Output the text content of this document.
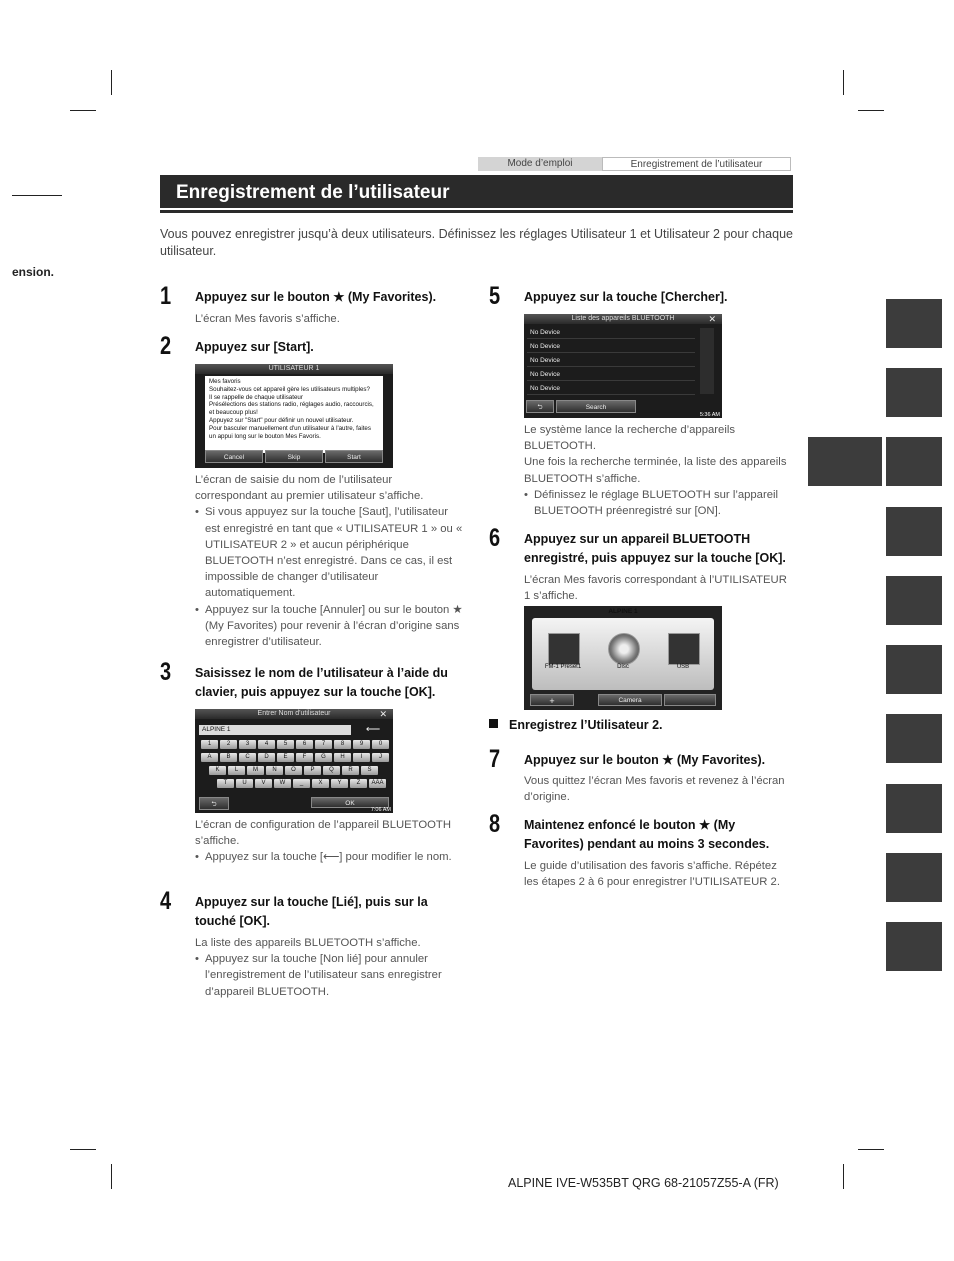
ension.
Mode d’emploi	Enregistrement de l’utilisateur
Enregistrement de l’utilisateur
Vous pouvez enregistrer jusqu’à deux utilisateurs. Définissez les réglages Utilisateur 1 et Utilisateur 2 pour chaque utilisateur.
1 Appuyez sur le bouton ★ (My Favorites).
L’écran Mes favoris s’affiche.
2 Appuyez sur [Start].
UTILISATEUR 1
Mes favoris
Souhaitez-vous cet appareil gère les utilisateurs multiples?
Il se rappelle de chaque utilisateur
Présélections des stations radio, réglages audio, raccourcis, et beaucoup plus!
Appuyez sur "Start" pour définir un nouvel utilisateur.
Pour basculer manuellement d'un utilisateur à l'autre, faites un appui long sur le bouton Mes Favoris.
Cancel	Skip	Start
L’écran de saisie du nom de l’utilisateur correspondant au premier utilisateur s’affiche.
• Si vous appuyez sur la touche [Saut], l’utilisateur est enregistré en tant que « UTILISATEUR 1 » ou « UTILISATEUR 2 » et aucun périphérique BLUETOOTH n’est enregistré. Dans ce cas, il est impossible de changer d’utilisateur automatiquement.
• Appuyez sur la touche [Annuler] ou sur le bouton ★ (My Favorites) pour revenir à l’écran d’origine sans enregistrer d’utilisateur.
3 Saisissez le nom de l’utilisateur à l’aide du clavier, puis appuyez sur la touche [OK].
Entrer Nom d'utilisateur	✕
ALPINE 1	⟵
1	2	3	4	5	6	7	8	9	0
A	B	C	D	E	F	G	H	I	J
K	L	M	N	O	P	Q	R	S
T	U	V	W	_	X	Y	Z	ÀÂÄ
⮌	OK
7:06 AM
L’écran de configuration de l’appareil BLUETOOTH s’affiche.
• Appuyez sur la touche [⟵] pour modifier le nom.
4 Appuyez sur la touche [Lié], puis sur la touché [OK].
La liste des appareils BLUETOOTH s’affiche.
• Appuyez sur la touche [Non lié] pour annuler l’enregistrement de l’utilisateur sans enregistrer d’appareil BLUETOOTH.
5 Appuyez sur la touche [Chercher].
Liste des appareils BLUETOOTH	✕
No Device
No Device
No Device
No Device
No Device
⮌	Search
5:36 AM
Le système lance la recherche d’appareils BLUETOOTH.
Une fois la recherche terminée, la liste des appareils BLUETOOTH s’affiche.
• Définissez le réglage BLUETOOTH sur l’appareil BLUETOOTH préenregistré sur [ON].
6 Appuyez sur un appareil BLUETOOTH enregistré, puis appuyez sur la touche [OK].
L’écran Mes favoris correspondant à l’UTILISATEUR 1 s’affiche.
ALPINE 1
FM-1 Preset1	Disc	USB
+	Camera
Enregistrez l’Utilisateur 2.
7 Appuyez sur le bouton ★ (My Favorites).
Vous quittez l’écran Mes favoris et revenez à l’écran d’origine.
8 Maintenez enfoncé le bouton ★ (My Favorites) pendant au moins 3 secondes.
Le guide d’utilisation des favoris s’affiche. Répétez les étapes 2 à 6 pour enregistrer l’UTILISATEUR 2.
ALPINE IVE-W535BT QRG 68-21057Z55-A (FR)
